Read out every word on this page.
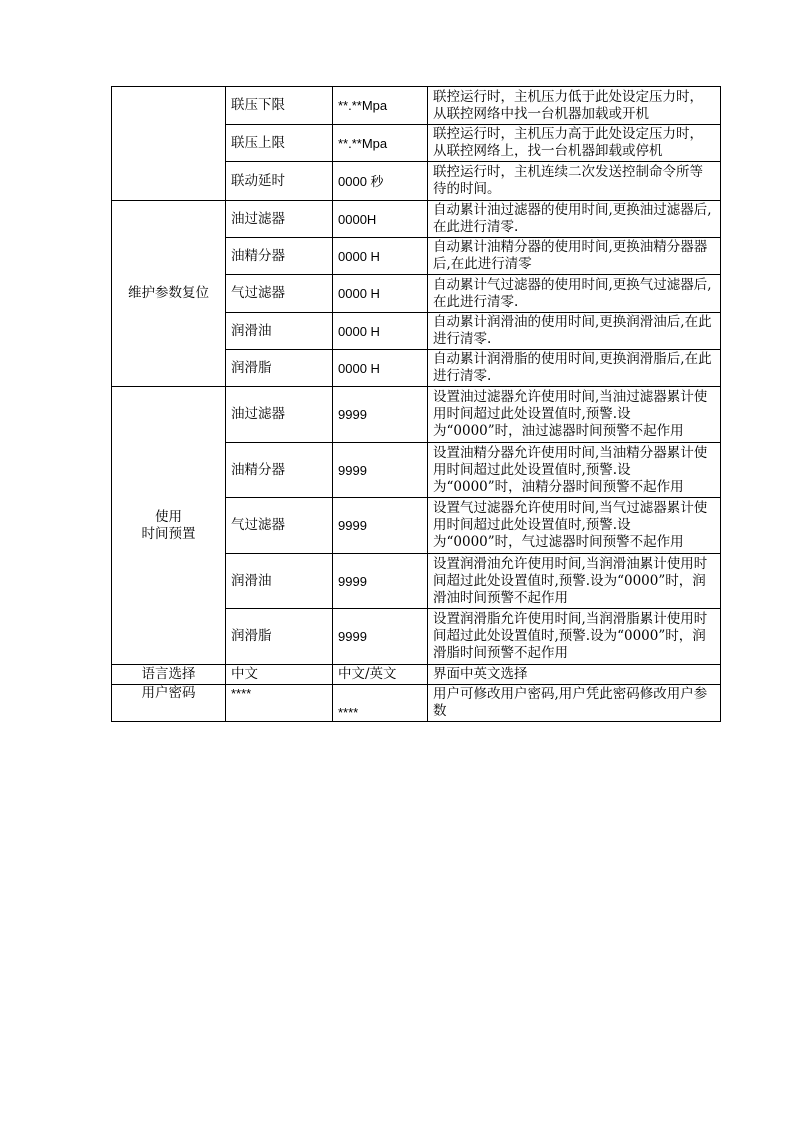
	联压下限	**.**Mpa	联控运行时，主机压力低于此处设定压力时，从联控网络中找一台机器加载或开机
	联压上限	**.**Mpa	联控运行时，主机压力高于此处设定压力时，从联控网络上，找一台机器卸载或停机
	联动延时	0000 秒	联控运行时，主机连续二次发送控制命令所等待的时间。
维护参数复位	油过滤器	0000H	自动累计油过滤器的使用时间,更换油过滤器后,在此进行清零.
	油精分器	0000 H	自动累计油精分器的使用时间,更换油精分器器后,在此进行清零
	气过滤器	0000 H	自动累计气过滤器的使用时间,更换气过滤器后,在此进行清零.
	润滑油	0000 H	自动累计润滑油的使用时间,更换润滑油后,在此进行清零.
	润滑脂	0000 H	自动累计润滑脂的使用时间,更换润滑脂后,在此进行清零.

使用
时间预置	油过滤器	9999	设置油过滤器允许使用时间,当油过滤器累计使用时间超过此处设置值时,预警.设为“0000”时，油过滤器时间预警不起作用
	油精分器	9999	设置油精分器允许使用时间,当油精分器累计使用时间超过此处设置值时,预警.设为“0000”时，油精分器时间预警不起作用
	气过滤器	9999	设置气过滤器允许使用时间,当气过滤器累计使用时间超过此处设置值时,预警.设为“0000”时，气过滤器时间预警不起作用
	润滑油	9999	设置润滑油允许使用时间,当润滑油累计使用时间超过此处设置值时,预警.设为“0000”时，润滑油时间预警不起作用
	润滑脂	9999	设置润滑脂允许使用时间,当润滑脂累计使用时间超过此处设置值时,预警.设为“0000”时，润滑脂时间预警不起作用
语言选择	中文	中文/英文	界面中英文选择
用户密码	****	****	用户可修改用户密码,用户凭此密码修改用户参数
